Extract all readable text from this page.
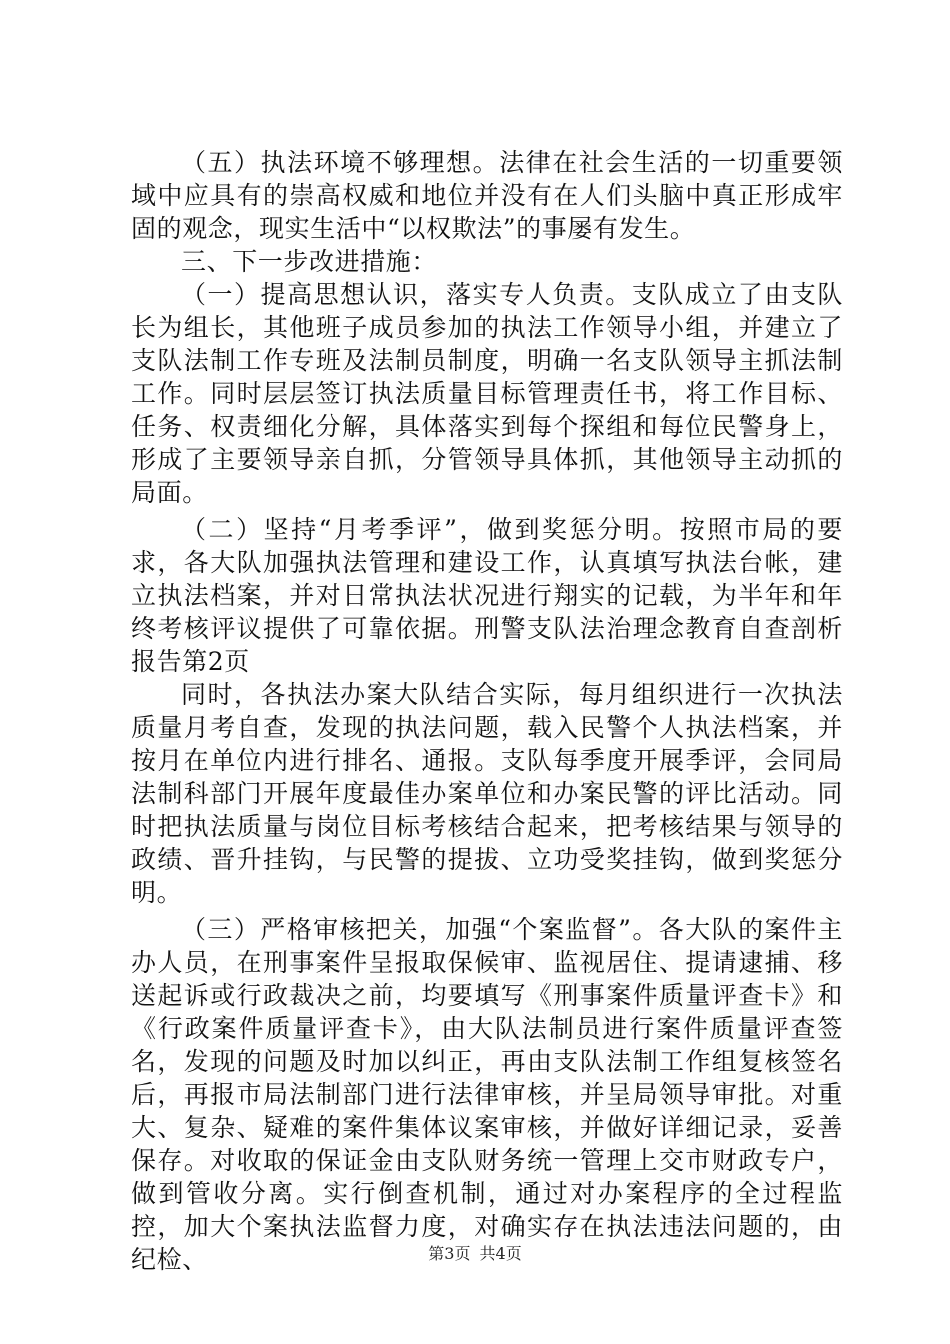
（五）执法环境不够理想。法律在社会生活的一切重要领域中应具有的崇高权威和地位并没有在人们头脑中真正形成牢固的观念，现实生活中“以权欺法”的事屡有发生。

三、下一步改进措施：

（一）提高思想认识，落实专人负责。支队成立了由支队长为组长，其他班子成员参加的执法工作领导小组，并建立了支队法制工作专班及法制员制度，明确一名支队领导主抓法制工作。同时层层签订执法质量目标管理责任书，将工作目标、任务、权责细化分解，具体落实到每个探组和每位民警身上，形成了主要领导亲自抓，分管领导具体抓，其他领导主动抓的局面。

（二）坚持“月考季评”，做到奖惩分明。按照市局的要求，各大队加强执法管理和建设工作，认真填写执法台帐，建立执法档案，并对日常执法状况进行翔实的记载，为半年和年终考核评议提供了可靠依据。刑警支队法治理念教育自查剖析报告第2页

同时，各执法办案大队结合实际，每月组织进行一次执法质量月考自查，发现的执法问题，载入民警个人执法档案，并按月在单位内进行排名、通报。支队每季度开展季评，会同局法制科部门开展年度最佳办案单位和办案民警的评比活动。同时把执法质量与岗位目标考核结合起来，把考核结果与领导的政绩、晋升挂钩，与民警的提拔、立功受奖挂钩，做到奖惩分明。

（三）严格审核把关，加强“个案监督”。各大队的案件主办人员，在刑事案件呈报取保候审、监视居住、提请逮捕、移送起诉或行政裁决之前，均要填写《刑事案件质量评查卡》和《行政案件质量评查卡》，由大队法制员进行案件质量评查签名，发现的问题及时加以纠正，再由支队法制工作组复核签名后，再报市局法制部门进行法律审核，并呈局领导审批。对重大、复杂、疑难的案件集体议案审核，并做好详细记录，妥善保存。对收取的保证金由支队财务统一管理上交市财政专户，做到管收分离。实行倒查机制，通过对办案程序的全过程监控，加大个案执法监督力度，对确实存在执法违法问题的，由纪检、	第3页 共4页
